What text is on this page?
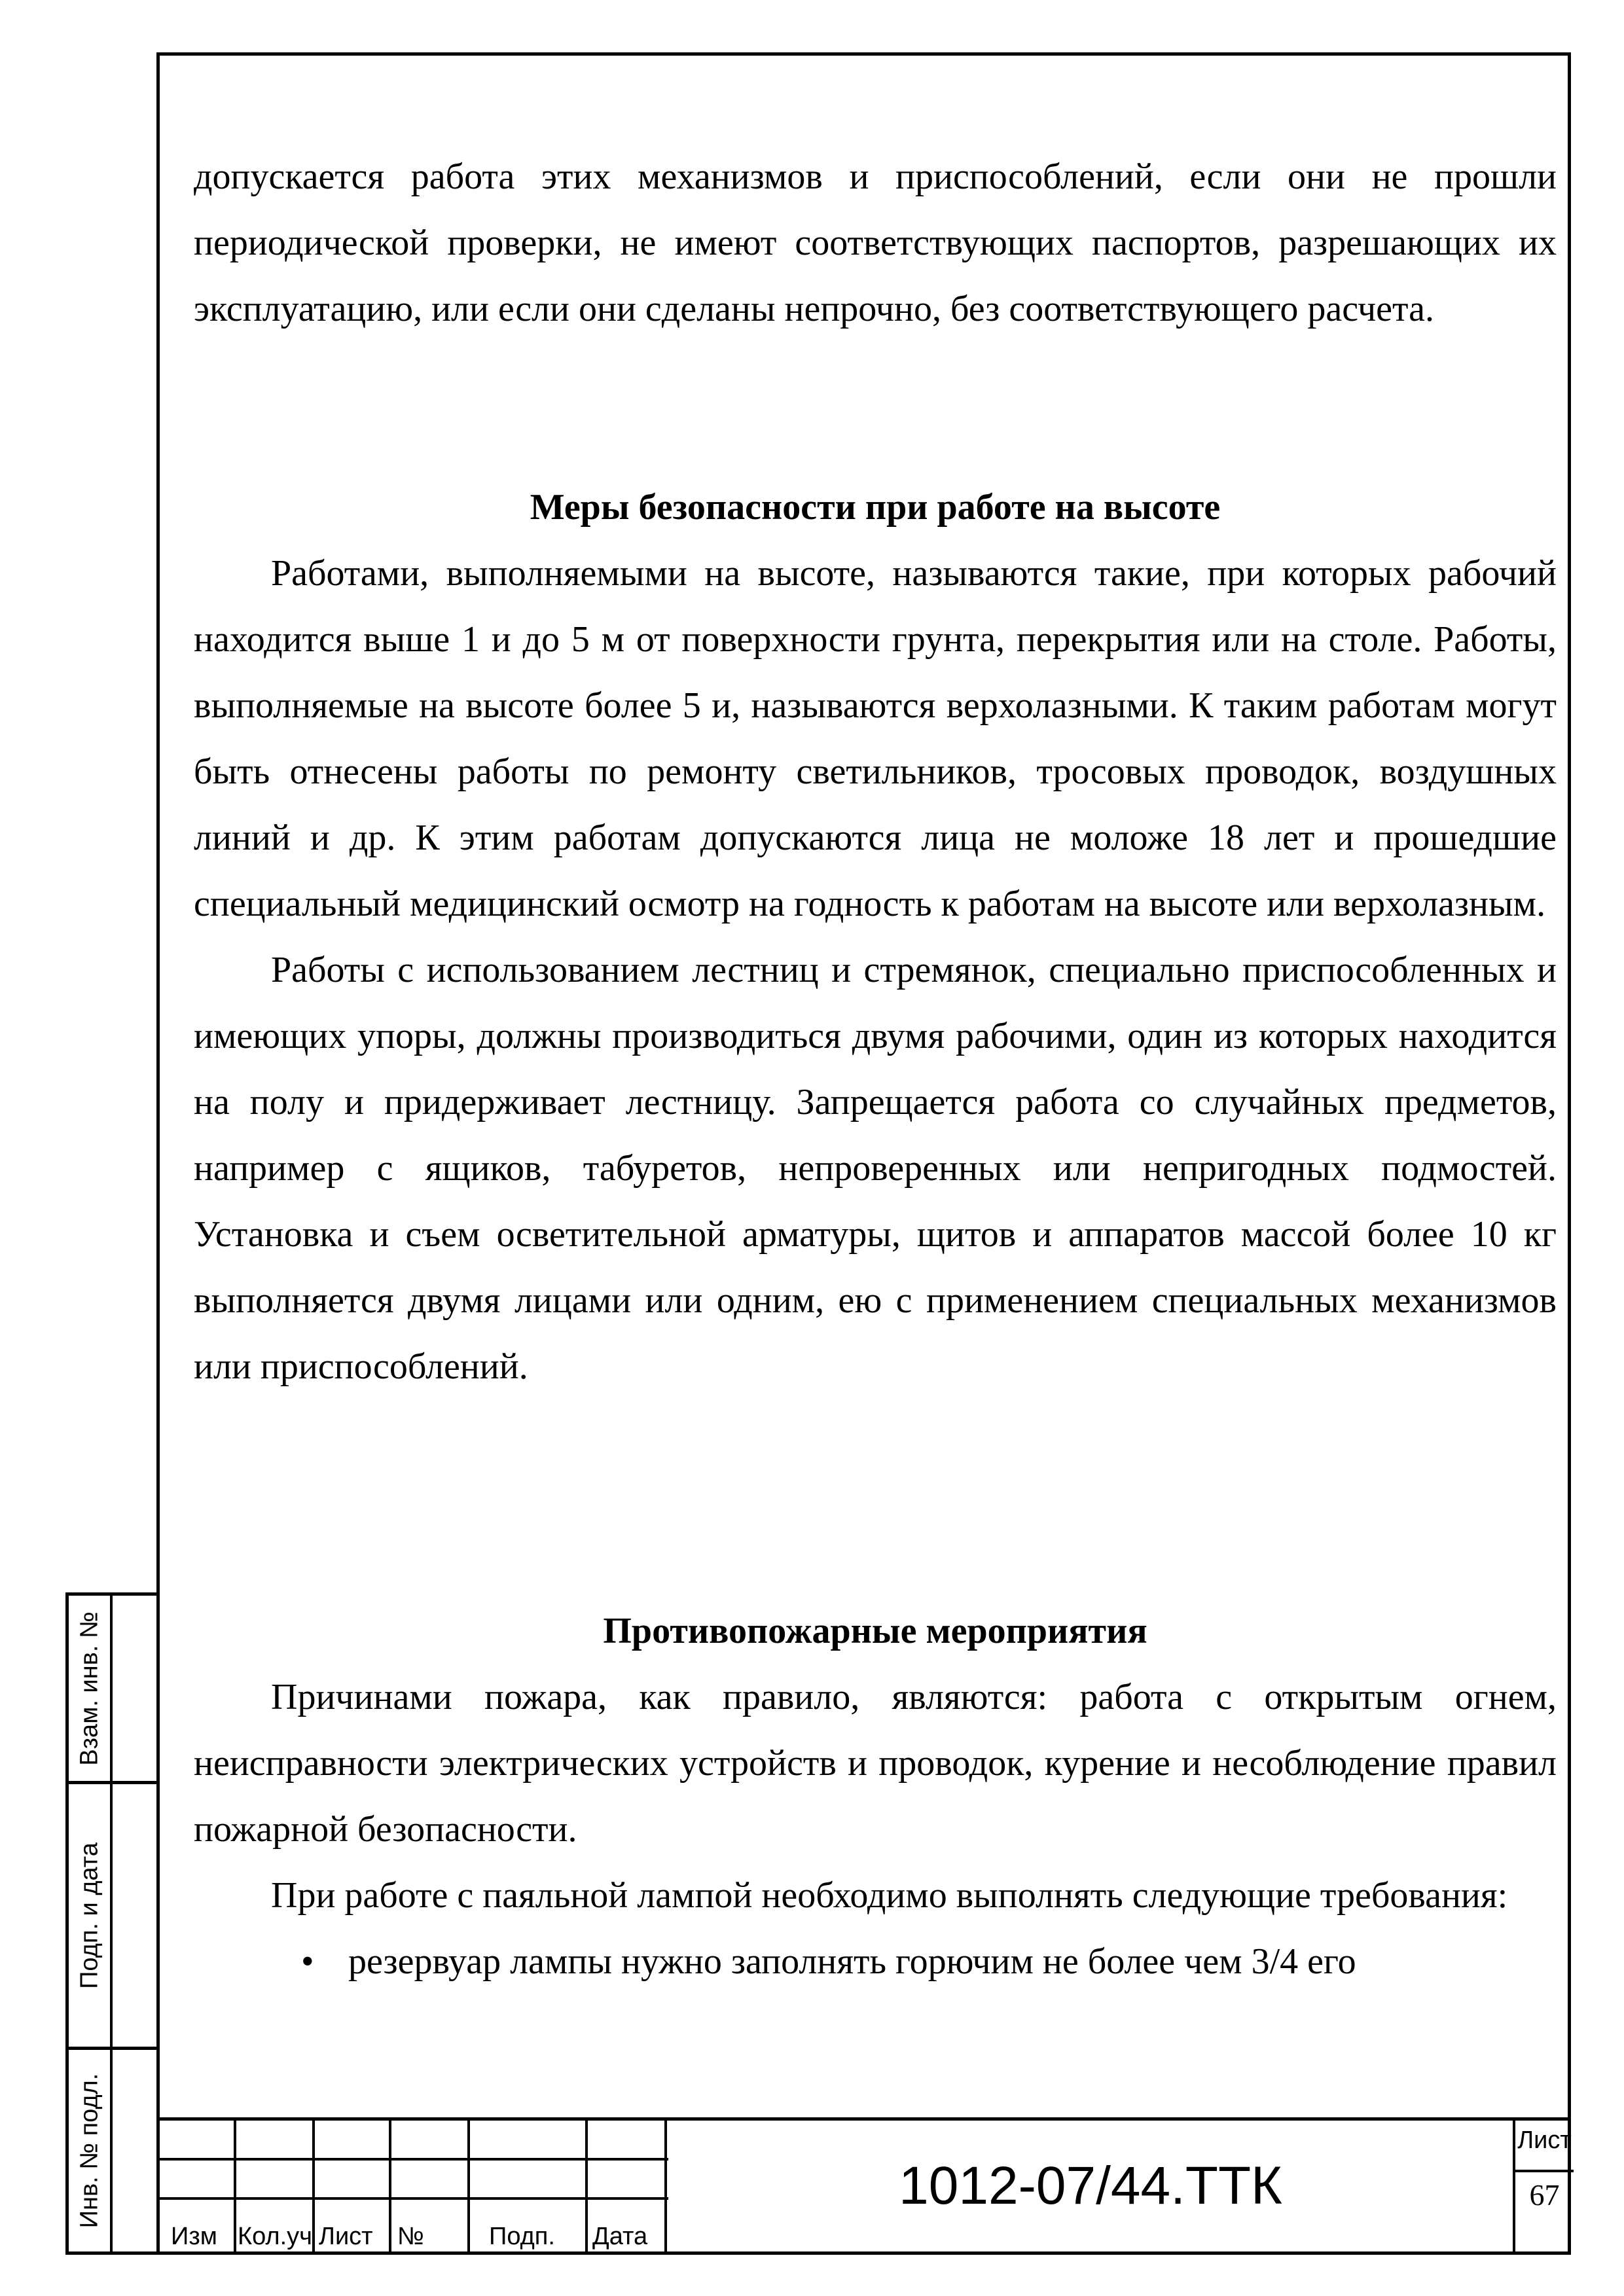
допускается работа этих механизмов и приспособлений, если они не прошли периодической проверки, не имеют соответствующих паспортов, разрешающих их эксплуатацию, или если они сделаны непрочно, без соответствующего расчета.

Меры безопасности при работе на высоте

Работами, выполняемыми на высоте, называются такие, при которых рабочий находится выше 1 и до 5 м от поверхности грунта, перекрытия или на столе. Работы, выполняемые на высоте более 5 и, называются верхолазными. К таким работам могут быть отнесены работы по ремонту светильников, тросовых проводок, воздушных линий и др. К этим работам допускаются лица не моложе 18 лет и прошедшие специальный медицинский осмотр на годность к работам на высоте или верхолазным.

Работы с использованием лестниц и стремянок, специально приспособленных и имеющих упоры, должны производиться двумя рабочими, один из которых находится на полу и придерживает лестницу. Запрещается работа со случайных предметов, например с ящиков, табуретов, непроверенных или непригодных подмостей. Установка и съем осветительной арматуры, щитов и аппаратов массой более 10 кг выполняется двумя лицами или одним, ею с применением специальных механизмов или приспособлений.

Противопожарные мероприятия

Причинами пожара, как правило, являются: работа с открытым огнем, неисправности электрических устройств и проводок, курение и несоблюдение правил пожарной безопасности.

При работе с паяльной лампой необходимо выполнять следующие требования:

• резервуар лампы нужно заполнять горючим не более чем 3/4 его
Взам. инв. №
Подп. и дата
Инв. № подл.
Изм Кол.уч Лист №	Подп. Дата
1012-07/44.ТТК
Лист
67
